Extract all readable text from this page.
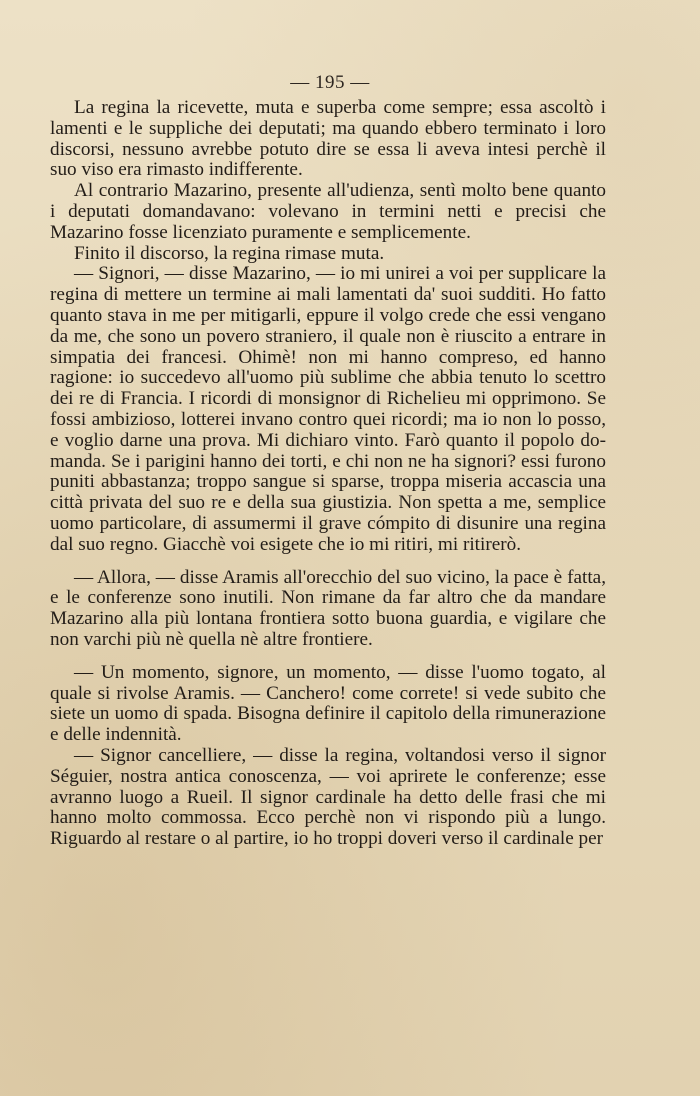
— 195 —

La regina la ricevette, muta e superba come sempre; essa ascoltò i lamenti e le suppliche dei deputati; ma quando ebbero terminato i loro discorsi, nessuno avrebbe potuto dire se essa li aveva intesi perchè il suo viso era rimasto indifferente.

Al contrario Mazarino, presente all'udienza, sentì molto bene quanto i deputati domandavano: volevano in termini netti e precisi che Mazarino fosse licenziato puramente e semplicemente.

Finito il discorso, la regina rimase muta.

— Signori, — disse Mazarino, — io mi unirei a voi per supplicare la regina di mettere un termine ai mali lamentati da' suoi sudditi. Ho fatto quanto stava in me per mitigarli, eppure il volgo crede che essi vengano da me, che sono un povero straniero, il quale non è riuscito a entrare in simpatia dei francesi. Ohimè! non mi hanno compreso, ed hanno ragione: io succedevo all'uomo più sublime che abbia tenuto lo scettro dei re di Francia. I ricordi di monsignor di Richelieu mi opprimono. Se fossi ambizioso, lotterei invano contro quei ricordi; ma io non lo posso, e voglio darne una prova. Mi dichiaro vinto. Farò quanto il popolo domanda. Se i parigini hanno dei torti, e chi non ne ha signori? essi furono puniti abbastanza; troppo sangue si sparse, troppa miseria accascia una città privata del suo re e della sua giustizia. Non spetta a me, semplice uomo particolare, di assumermi il grave cómpito di disunire una regina dal suo regno. Giacchè voi esigete che io mi ritiri, mi ritirerò.

— Allora, — disse Aramis all'orecchio del suo vicino, la pace è fatta, e le conferenze sono inutili. Non rimane da far altro che da mandare Mazarino alla più lontana frontiera sotto buona guardia, e vigilare che non varchi più nè quella nè altre frontiere.

— Un momento, signore, un momento, — disse l'uomo togato, al quale si rivolse Aramis. — Canchero! come correte! si vede subito che siete un uomo di spada. Bisogna definire il capitolo della rimunerazione e delle indennità.

— Signor cancelliere, — disse la regina, voltandosi verso il signor Séguier, nostra antica conoscenza, — voi aprirete le conferenze; esse avranno luogo a Rueil. Il signor cardinale ha detto delle frasi che mi hanno molto commossa. Ecco perchè non vi rispondo più a lungo. Riguardo al restare o al partire, io ho troppi doveri verso il cardinale per
